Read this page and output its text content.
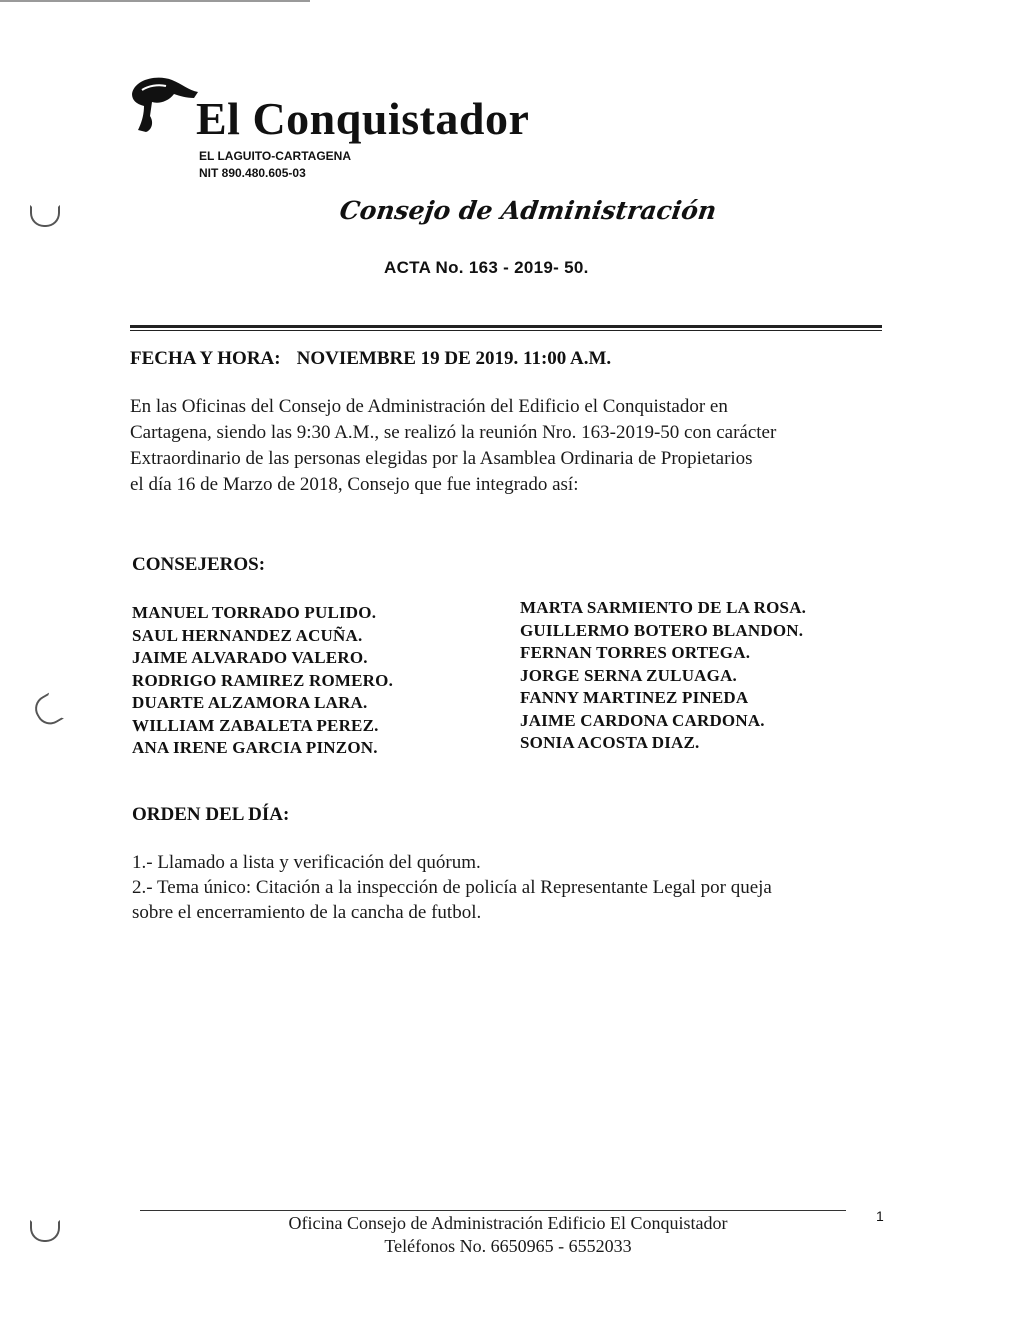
El Conquistador
EL LAGUITO-CARTAGENA
NIT 890.480.605-03
Consejo de Administración
ACTA No. 163 - 2019- 50.
FECHA Y HORA: NOVIEMBRE 19 DE 2019. 11:00 A.M.
En las Oficinas del Consejo de Administración del Edificio el Conquistador en
Cartagena, siendo las 9:30 A.M., se realizó la reunión Nro. 163-2019-50 con carácter
Extraordinario de las personas elegidas por la Asamblea Ordinaria de Propietarios
el día 16 de Marzo de 2018, Consejo que fue integrado así:
CONSEJEROS:
MANUEL TORRADO PULIDO.
SAUL HERNANDEZ ACUÑA.
JAIME ALVARADO VALERO.
RODRIGO RAMIREZ ROMERO.
DUARTE ALZAMORA LARA.
WILLIAM ZABALETA PEREZ.
ANA IRENE GARCIA PINZON.
MARTA SARMIENTO DE LA ROSA.
GUILLERMO BOTERO BLANDON.
FERNAN TORRES ORTEGA.
JORGE SERNA ZULUAGA.
FANNY MARTINEZ PINEDA
JAIME CARDONA CARDONA.
SONIA ACOSTA DIAZ.
ORDEN DEL DÍA:
1.- Llamado a lista y verificación del quórum.
2.- Tema único: Citación a la inspección de policía al Representante Legal por queja
sobre el encerramiento de la cancha de futbol.
Oficina Consejo de Administración Edificio El Conquistador
Teléfonos No. 6650965 - 6552033
1
